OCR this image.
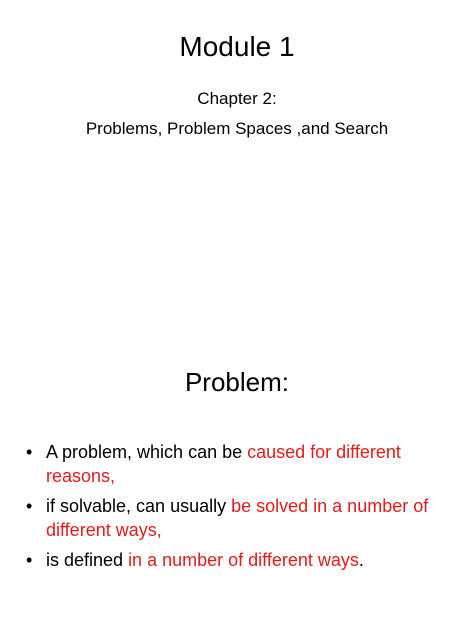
Module 1
Chapter 2:
Problems, Problem Spaces ,and Search
Problem:
• A problem, which can be caused for different reasons,
• if solvable, can usually be solved in a number of different ways,
• is defined in a number of different ways.
